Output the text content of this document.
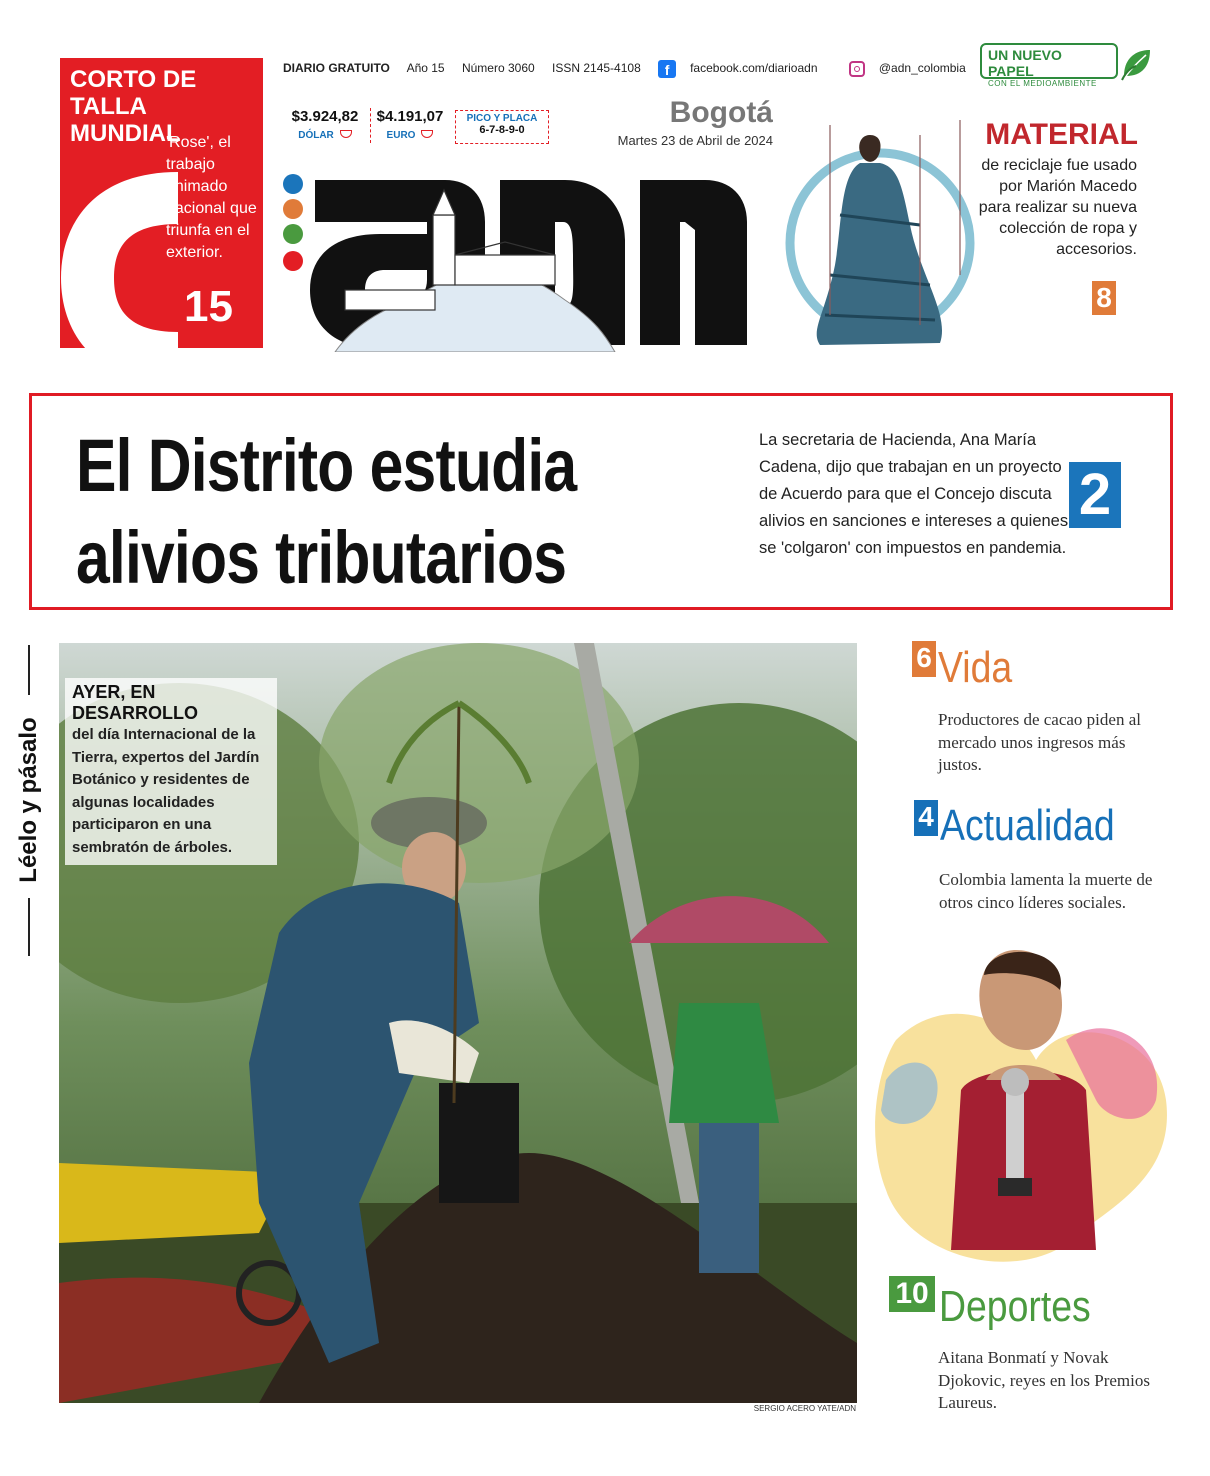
CORTO DE
TALLA MUNDIAL
'Rose', el trabajo animado nacional que triunfa en el exterior.
15
DIARIO GRATUITO Año 15 Número 3060 ISSN 2145-4108 f facebook.com/diarioadn	@adn_colombia
UN NUEVO PAPEL
CON EL MEDIOAMBIENTE
$3.924,82
DÓLAR
$4.191,07
EURO
PICO Y PLACA
6-7-8-9-0
Bogotá
Martes 23 de Abril de 2024	MATERIAL
de reciclaje fue usado por Marión Macedo para realizar su nueva colección de ropa y accesorios.
8
El Distrito estudia
alivios tributarios
La secretaria de Hacienda, Ana María Cadena, dijo que trabajan en un proyecto de Acuerdo para que el Concejo discuta alivios en sanciones e intereses a quienes se 'colgaron' con impuestos en pandemia.
2
Léelo y pásalo
AYER, EN DESARROLLO
del día Internacional de la Tierra, expertos del Jardín Botánico y residentes de algunas localidades participaron en una sembratón de árboles.
SERGIO ACERO YATE/ADN
6 Vida
Productores de cacao piden al mercado unos ingresos más justos.
4 Actualidad
Colombia lamenta la muerte de otros cinco líderes sociales.
10 Deportes
Aitana Bonmatí y Novak Djokovic, reyes en los Premios Laureus.
